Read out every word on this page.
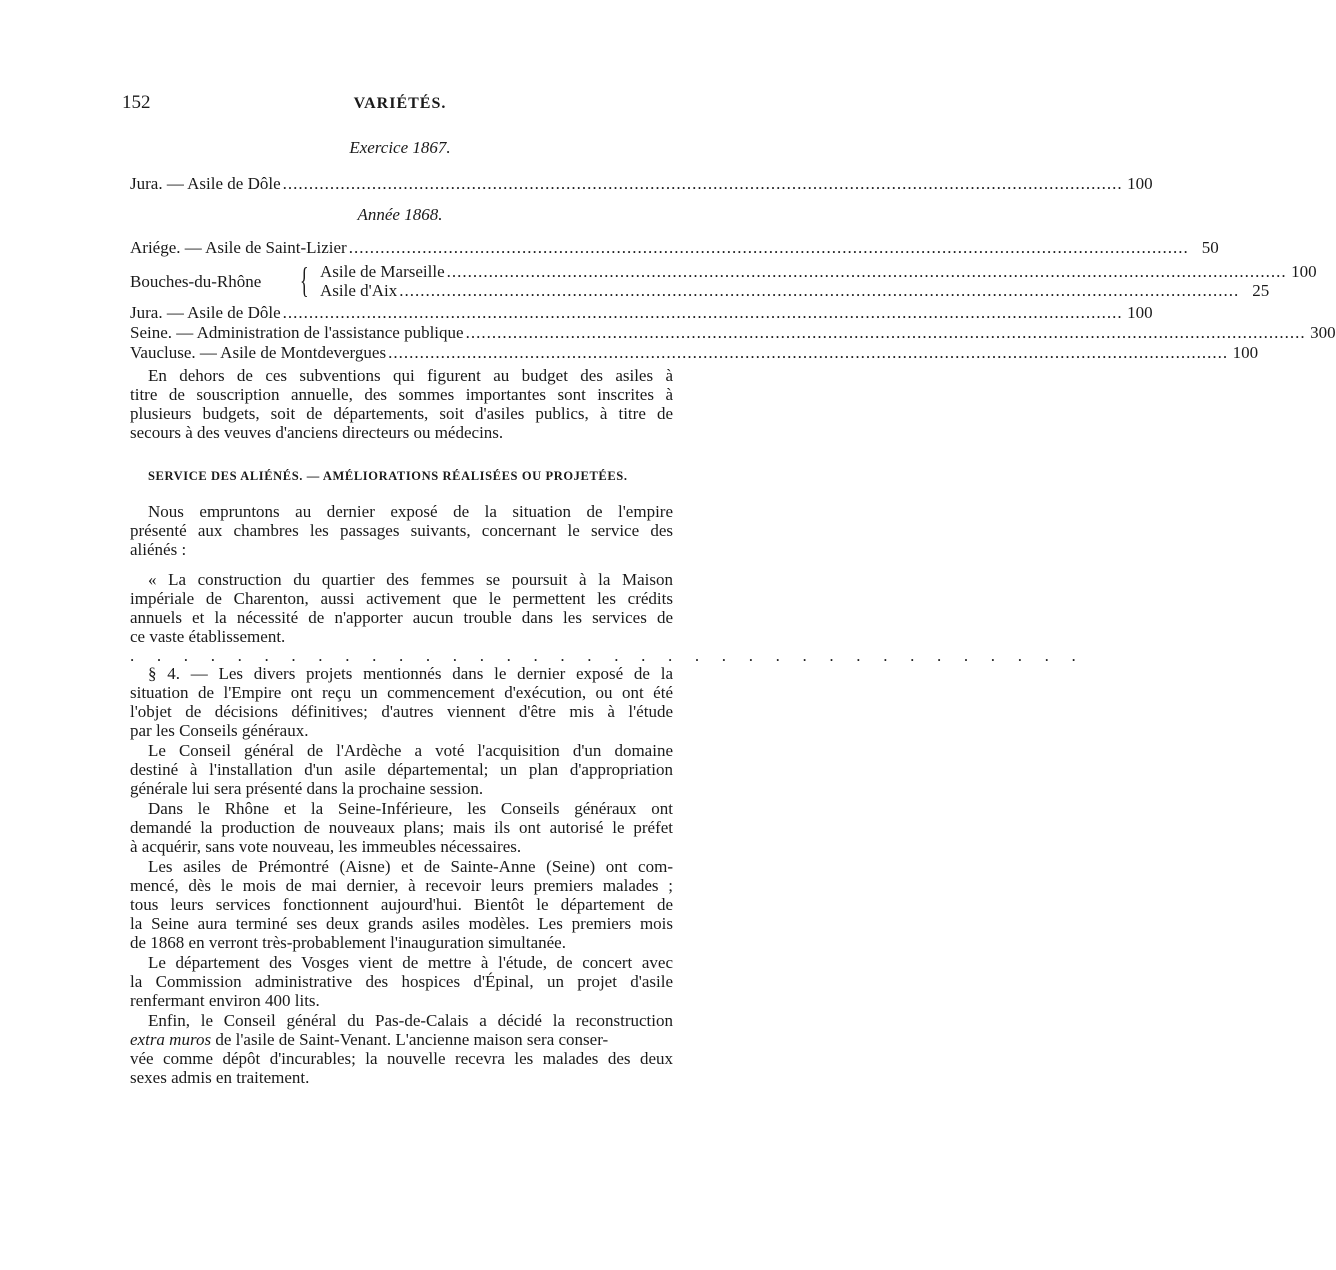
152	VARIÉTÉS.
Exercice 1867.
Jura. — Asile de Dôle .....	100
Année 1868.
Ariége. — Asile de Saint-Lizier .....	50
Bouches-du-Rhône { Asile de Marseille .....	100
Asile d'Aix .....	25
Jura. — Asile de Dôle .....	100
Seine. — Administration de l'assistance publique .....	300
Vaucluse. — Asile de Montdevergues .....	100
En dehors de ces subventions qui figurent au budget des asiles à
titre de souscription annuelle, des sommes importantes sont inscrites à
plusieurs budgets, soit de départements, soit d'asiles publics, à titre de
secours à des veuves d'anciens directeurs ou médecins.
SERVICE DES ALIÉNÉS. — AMÉLIORATIONS RÉALISÉES OU PROJETÉES.
Nous empruntons au dernier exposé de la situation de l'empire
présenté aux chambres les passages suivants, concernant le service des
aliénés :
« La construction du quartier des femmes se poursuit à la Maison
impériale de Charenton, aussi activement que le permettent les crédits
annuels et la nécessité de n'apporter aucun trouble dans les services de
ce vaste établissement.
. . . . . . . . . . . . . . . . . . . . . . . . . . . . . . . . . . . .
§ 4. — Les divers projets mentionnés dans le dernier exposé de la
situation de l'Empire ont reçu un commencement d'exécution, ou ont été
l'objet de décisions définitives; d'autres viennent d'être mis à l'étude
par les Conseils généraux.
Le Conseil général de l'Ardèche a voté l'acquisition d'un domaine
destiné à l'installation d'un asile départemental; un plan d'appropriation
générale lui sera présenté dans la prochaine session.
Dans le Rhône et la Seine-Inférieure, les Conseils généraux ont
demandé la production de nouveaux plans; mais ils ont autorisé le préfet
à acquérir, sans vote nouveau, les immeubles nécessaires.
Les asiles de Prémontré (Aisne) et de Sainte-Anne (Seine) ont com-
mencé, dès le mois de mai dernier, à recevoir leurs premiers malades ;
tous leurs services fonctionnent aujourd'hui. Bientôt le département de
la Seine aura terminé ses deux grands asiles modèles. Les premiers mois
de 1868 en verront très-probablement l'inauguration simultanée.
Le département des Vosges vient de mettre à l'étude, de concert avec
la Commission administrative des hospices d'Épinal, un projet d'asile
renfermant environ 400 lits.
Enfin, le Conseil général du Pas-de-Calais a décidé la reconstruction
extra muros de l'asile de Saint-Venant. L'ancienne maison sera conser-
vée comme dépôt d'incurables; la nouvelle recevra les malades des deux
sexes admis en traitement.
